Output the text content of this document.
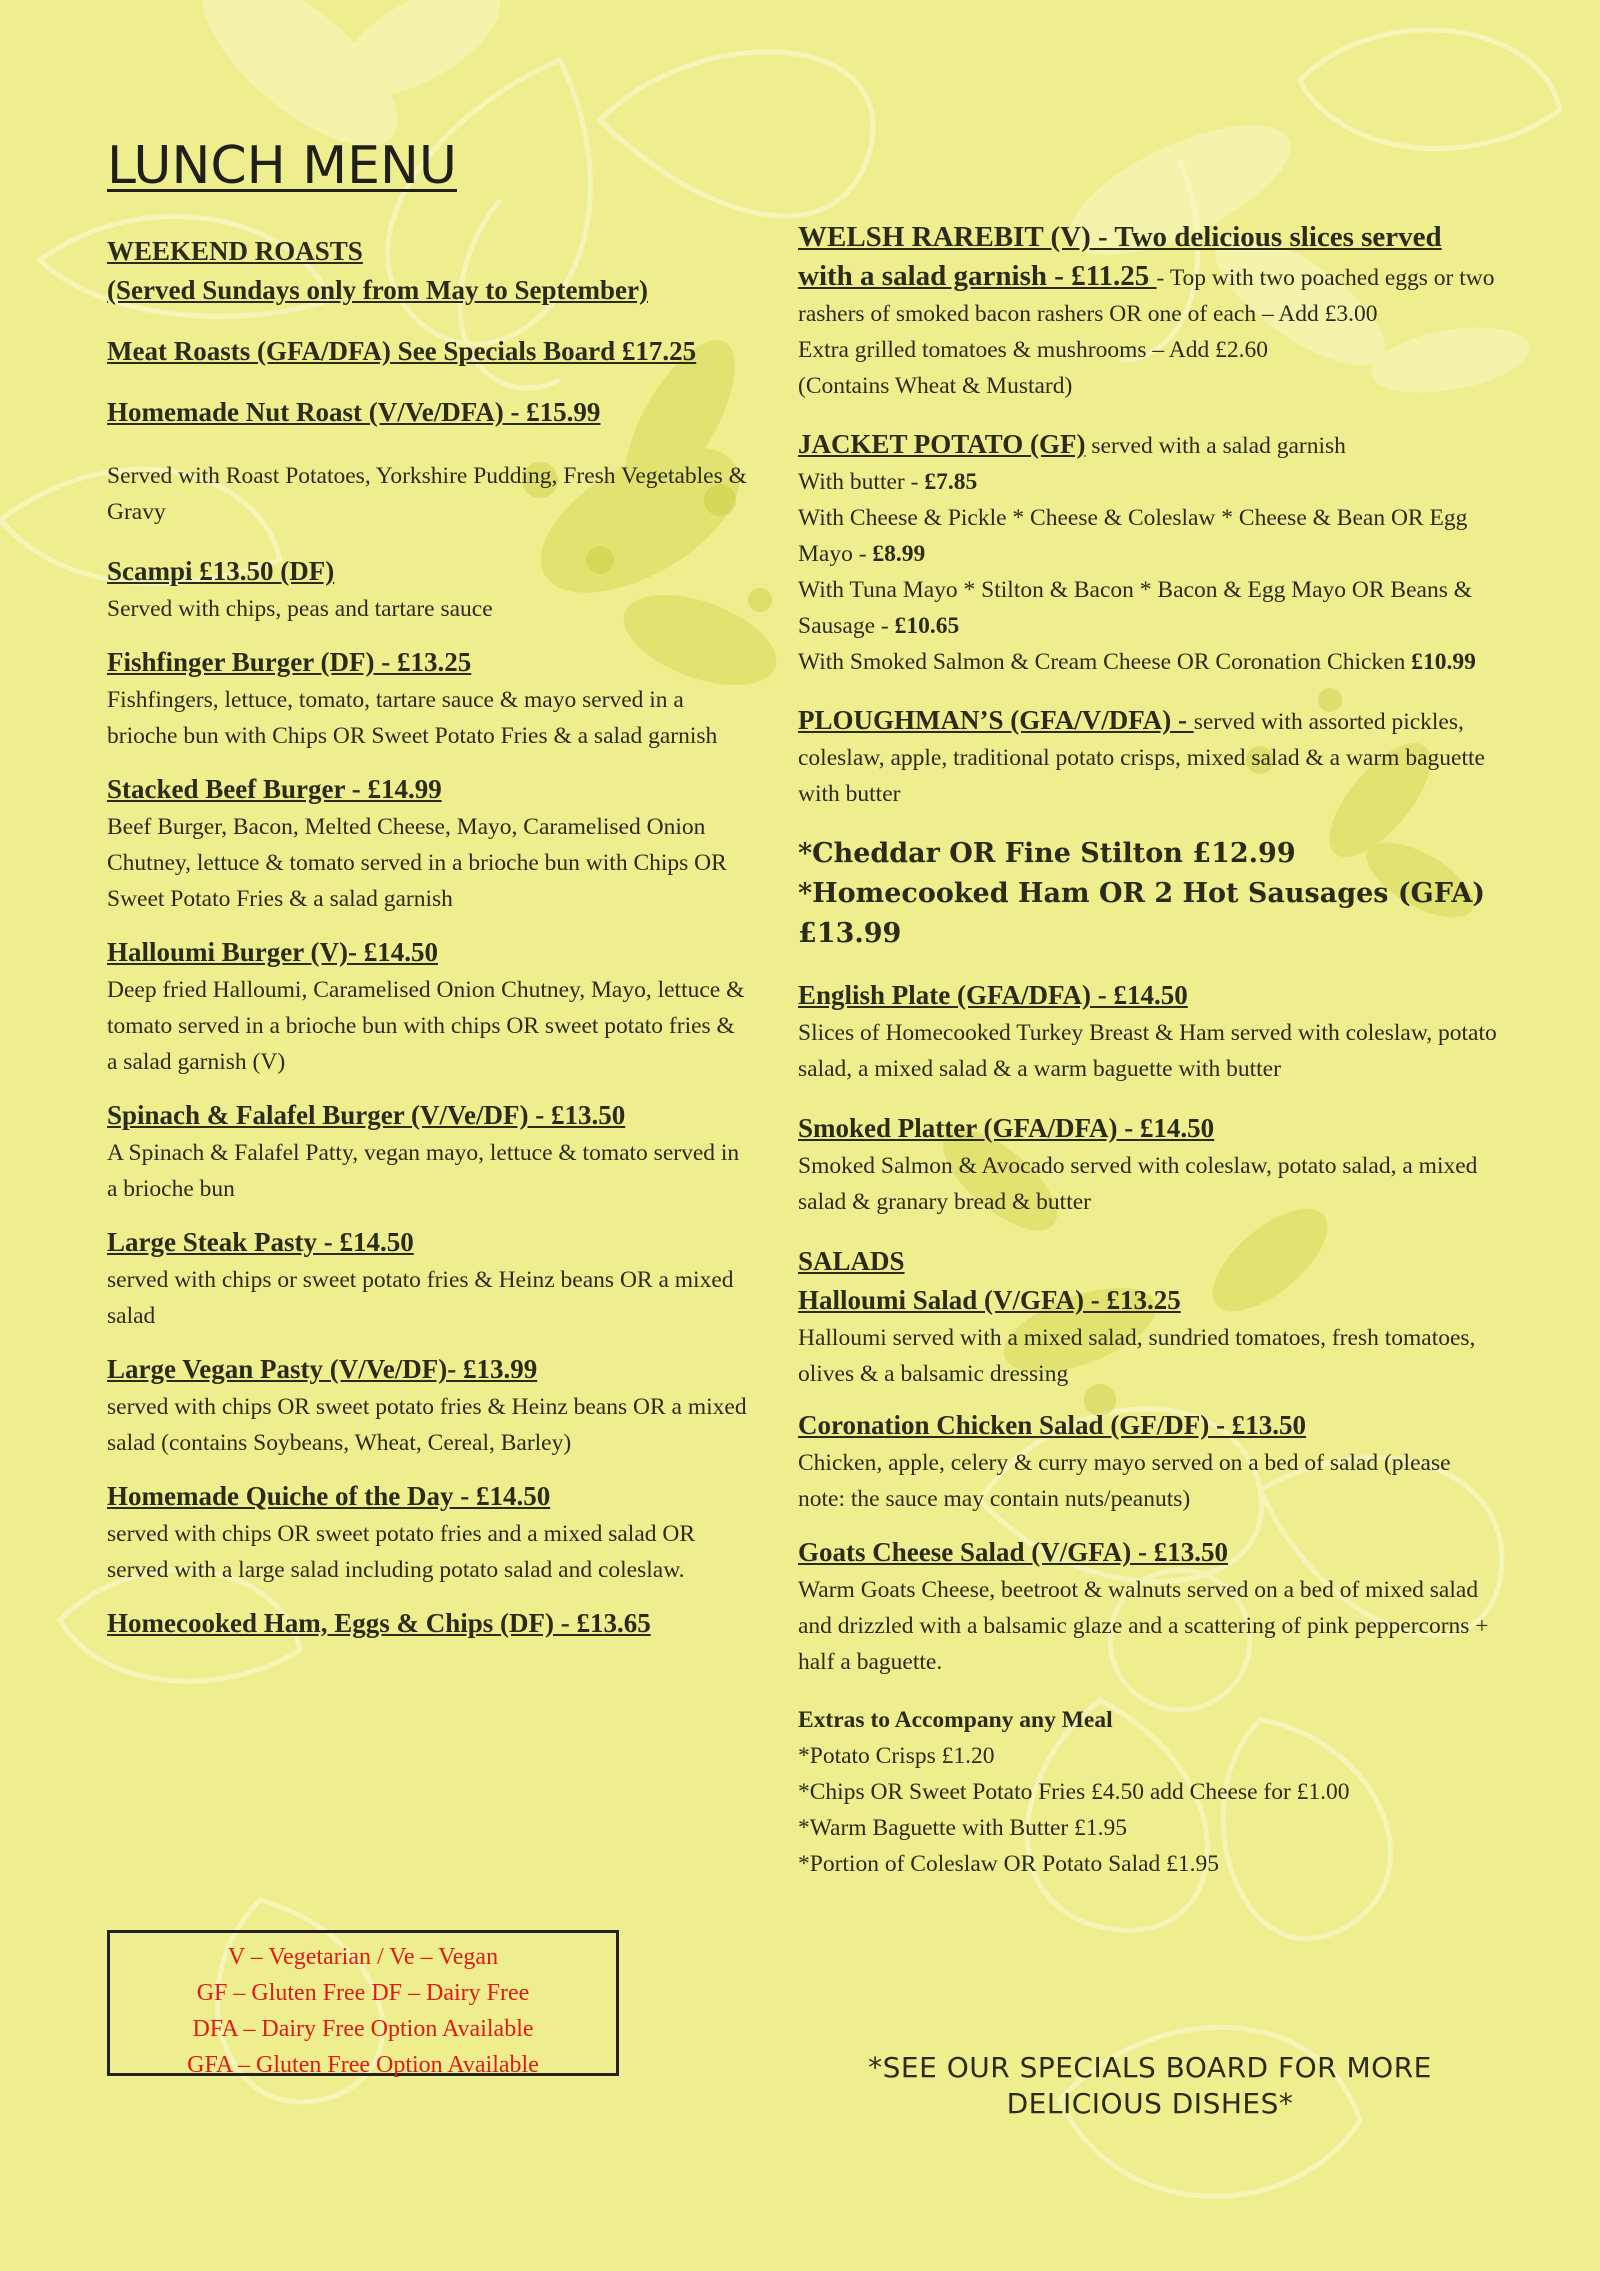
LUNCH MENU
WEEKEND ROASTS
(Served Sundays only from May to September)
Meat Roasts (GFA/DFA) See Specials Board £17.25
Homemade Nut Roast (V/Ve/DFA) - £15.99
Served with Roast Potatoes, Yorkshire Pudding, Fresh Vegetables & Gravy
Scampi £13.50 (DF)
Served with chips, peas and tartare sauce
Fishfinger Burger (DF) - £13.25
Fishfingers, lettuce, tomato, tartare sauce & mayo served in a brioche bun with Chips OR Sweet Potato Fries & a salad garnish
Stacked Beef Burger - £14.99
Beef Burger, Bacon, Melted Cheese, Mayo, Caramelised Onion Chutney, lettuce & tomato served in a brioche bun with Chips OR Sweet Potato Fries & a salad garnish
Halloumi Burger (V)- £14.50
Deep fried Halloumi, Caramelised Onion Chutney, Mayo, lettuce & tomato served in a brioche bun with chips OR sweet potato fries & a salad garnish (V)
Spinach & Falafel Burger (V/Ve/DF) - £13.50
A Spinach & Falafel Patty, vegan mayo, lettuce & tomato served in a brioche bun
Large Steak Pasty - £14.50
served with chips or sweet potato fries & Heinz beans OR a mixed salad
Large Vegan Pasty (V/Ve/DF)- £13.99
served with chips OR sweet potato fries & Heinz beans OR a mixed salad (contains Soybeans, Wheat, Cereal, Barley)
Homemade Quiche of the Day - £14.50
served with chips OR sweet potato fries and a mixed salad OR served with a large salad including potato salad and coleslaw.
Homecooked Ham, Eggs & Chips (DF) - £13.65
V – Vegetarian / Ve – Vegan
GF – Gluten Free DF – Dairy Free
DFA – Dairy Free Option Available
GFA – Gluten Free Option Available
WELSH RAREBIT (V) - Two delicious slices served with a salad garnish - £11.25 - Top with two poached eggs or two rashers of smoked bacon rashers OR one of each – Add £3.00
Extra grilled tomatoes & mushrooms – Add £2.60
(Contains Wheat & Mustard)
JACKET POTATO (GF) served with a salad garnish
With butter - £7.85
With Cheese & Pickle * Cheese & Coleslaw * Cheese & Bean OR Egg Mayo - £8.99
With Tuna Mayo * Stilton & Bacon * Bacon & Egg Mayo OR Beans & Sausage - £10.65
With Smoked Salmon & Cream Cheese OR Coronation Chicken £10.99
PLOUGHMAN’S (GFA/V/DFA) - served with assorted pickles, coleslaw, apple, traditional potato crisps, mixed salad & a warm baguette with butter
*Cheddar OR Fine Stilton £12.99
*Homecooked Ham OR 2 Hot Sausages (GFA) £13.99
English Plate (GFA/DFA) - £14.50
Slices of Homecooked Turkey Breast & Ham served with coleslaw, potato salad, a mixed salad & a warm baguette with butter
Smoked Platter (GFA/DFA) - £14.50
Smoked Salmon & Avocado served with coleslaw, potato salad, a mixed salad & granary bread & butter
SALADS
Halloumi Salad (V/GFA) - £13.25
Halloumi served with a mixed salad, sundried tomatoes, fresh tomatoes, olives & a balsamic dressing
Coronation Chicken Salad (GF/DF) - £13.50
Chicken, apple, celery & curry mayo served on a bed of salad (please note: the sauce may contain nuts/peanuts)
Goats Cheese Salad (V/GFA) - £13.50
Warm Goats Cheese, beetroot & walnuts served on a bed of mixed salad and drizzled with a balsamic glaze and a scattering of pink peppercorns + half a baguette.
Extras to Accompany any Meal
*Potato Crisps £1.20
*Chips OR Sweet Potato Fries £4.50 add Cheese for £1.00
*Warm Baguette with Butter £1.95
*Portion of Coleslaw OR Potato Salad £1.95
*SEE OUR SPECIALS BOARD FOR MORE
DELICIOUS DISHES*
